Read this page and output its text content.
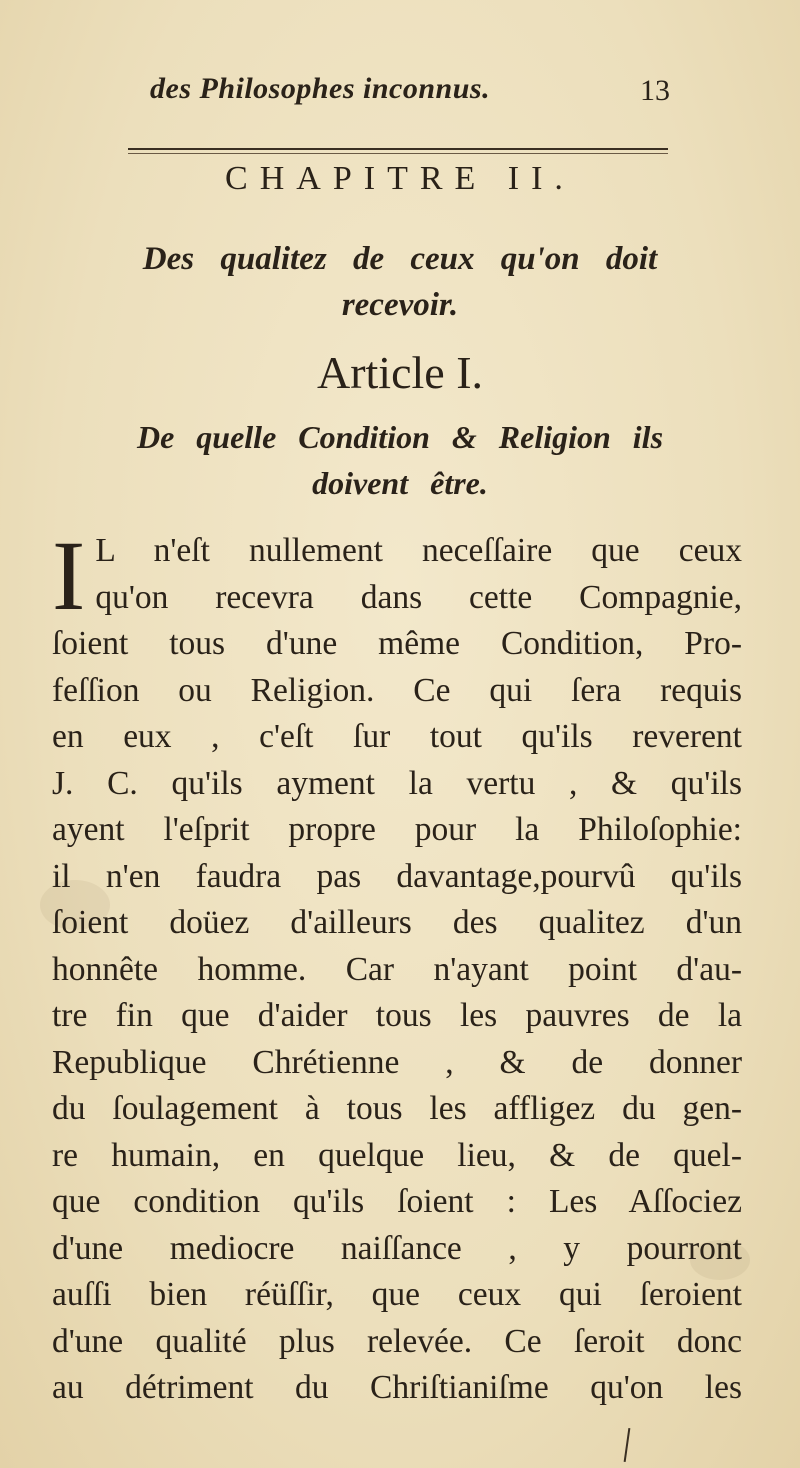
des Philosophes inconnus.	13
CHAPITRE II.
Des qualitez de ceux qu'on doit
recevoir.
Article I.
De quelle Condition & Religion ils
doivent être.
I L n'eſt nullement neceſſaire que ceux
qu'on recevra dans cette Compagnie,
ſoient tous d'une même Condition, Pro-
feſſion ou Religion. Ce qui ſera requis
en eux , c'eſt ſur tout qu'ils reverent
J. C. qu'ils ayment la vertu , & qu'ils
ayent l'eſprit propre pour la Philoſophie:
il n'en faudra pas davantage,pourvû qu'ils
ſoient doüez d'ailleurs des qualitez d'un
honnête homme. Car n'ayant point d'au-
tre fin que d'aider tous les pauvres de la
Republique Chrétienne , & de donner
du ſoulagement à tous les affligez du gen-
re humain, en quelque lieu, & de quel-
que condition qu'ils ſoient : Les Aſſociez
d'une mediocre naiſſance , y pourront
auſſi bien réüſſir, que ceux qui ſeroient
d'une qualité plus relevée. Ce ſeroit donc
au détriment du Chriſtianiſme qu'on les
